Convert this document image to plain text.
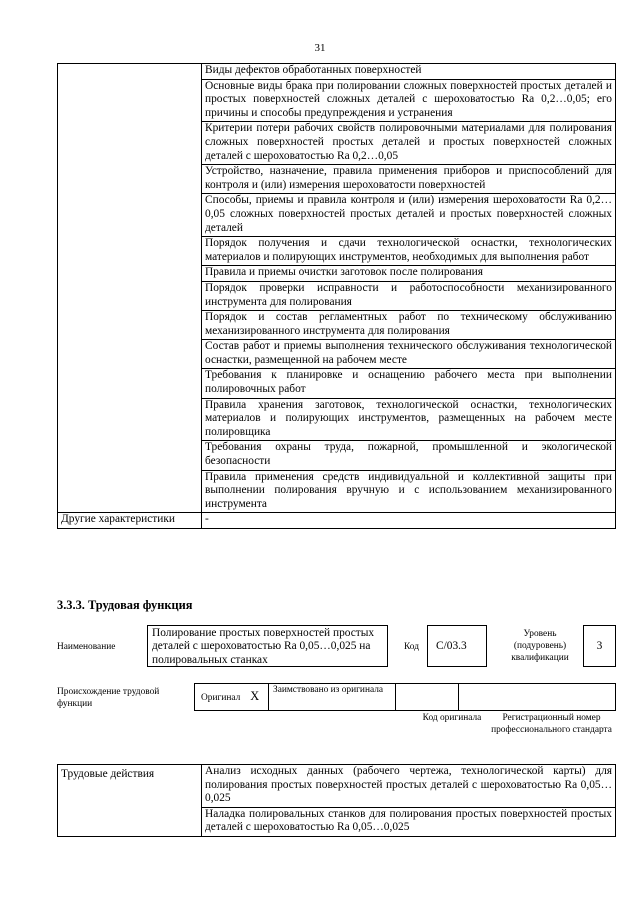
31
	Виды дефектов обработанных поверхностей
	Основные виды брака при полировании сложных поверхностей простых деталей и простых поверхностей сложных деталей с шероховатостью Ra 0,2…0,05; его причины и способы предупреждения и устранения
	Критерии потери рабочих свойств полировочными материалами для полирования сложных поверхностей простых деталей и простых поверхностей сложных деталей с шероховатостью Ra 0,2…0,05
	Устройство, назначение, правила применения приборов и приспособлений для контроля и (или) измерения шероховатости поверхностей
	Способы, приемы и правила контроля и (или) измерения шероховатости Ra 0,2…0,05 сложных поверхностей простых деталей и простых поверхностей сложных деталей
	Порядок получения и сдачи технологической оснастки, технологических материалов и полирующих инструментов, необходимых для выполнения работ
	Правила и приемы очистки заготовок после полирования
	Порядок проверки исправности и работоспособности механизированного инструмента для полирования
	Порядок и состав регламентных работ по техническому обслуживанию механизированного инструмента для полирования
	Состав работ и приемы выполнения технического обслуживания технологической оснастки, размещенной на рабочем месте
	Требования к планировке и оснащению рабочего места при выполнении полировочных работ
	Правила хранения заготовок, технологической оснастки, технологических материалов и полирующих инструментов, размещенных на рабочем месте полировщика
	Требования охраны труда, пожарной, промышленной и экологической безопасности
	Правила применения средств индивидуальной и коллективной защиты при выполнении полирования вручную и с использованием механизированного инструмента
Другие характеристики	-
3.3.3. Трудовая функция
Наименование
Полирование простых поверхностей простых деталей с шероховатостью Ra 0,05…0,025 на полировальных станках
Код	C/03.3
Уровень (подуровень) квалификации
3
Происхождение трудовой функции
Оригинал X	Заимствовано из оригинала		
Код оригинала	Регистрационный номер профессионального стандарта
Трудовые действия	Анализ исходных данных (рабочего чертежа, технологической карты) для полирования простых поверхностей простых деталей с шероховатостью Ra 0,05…0,025
Наладка полировальных станков для полирования простых поверхностей простых деталей с шероховатостью Ra 0,05…0,025
